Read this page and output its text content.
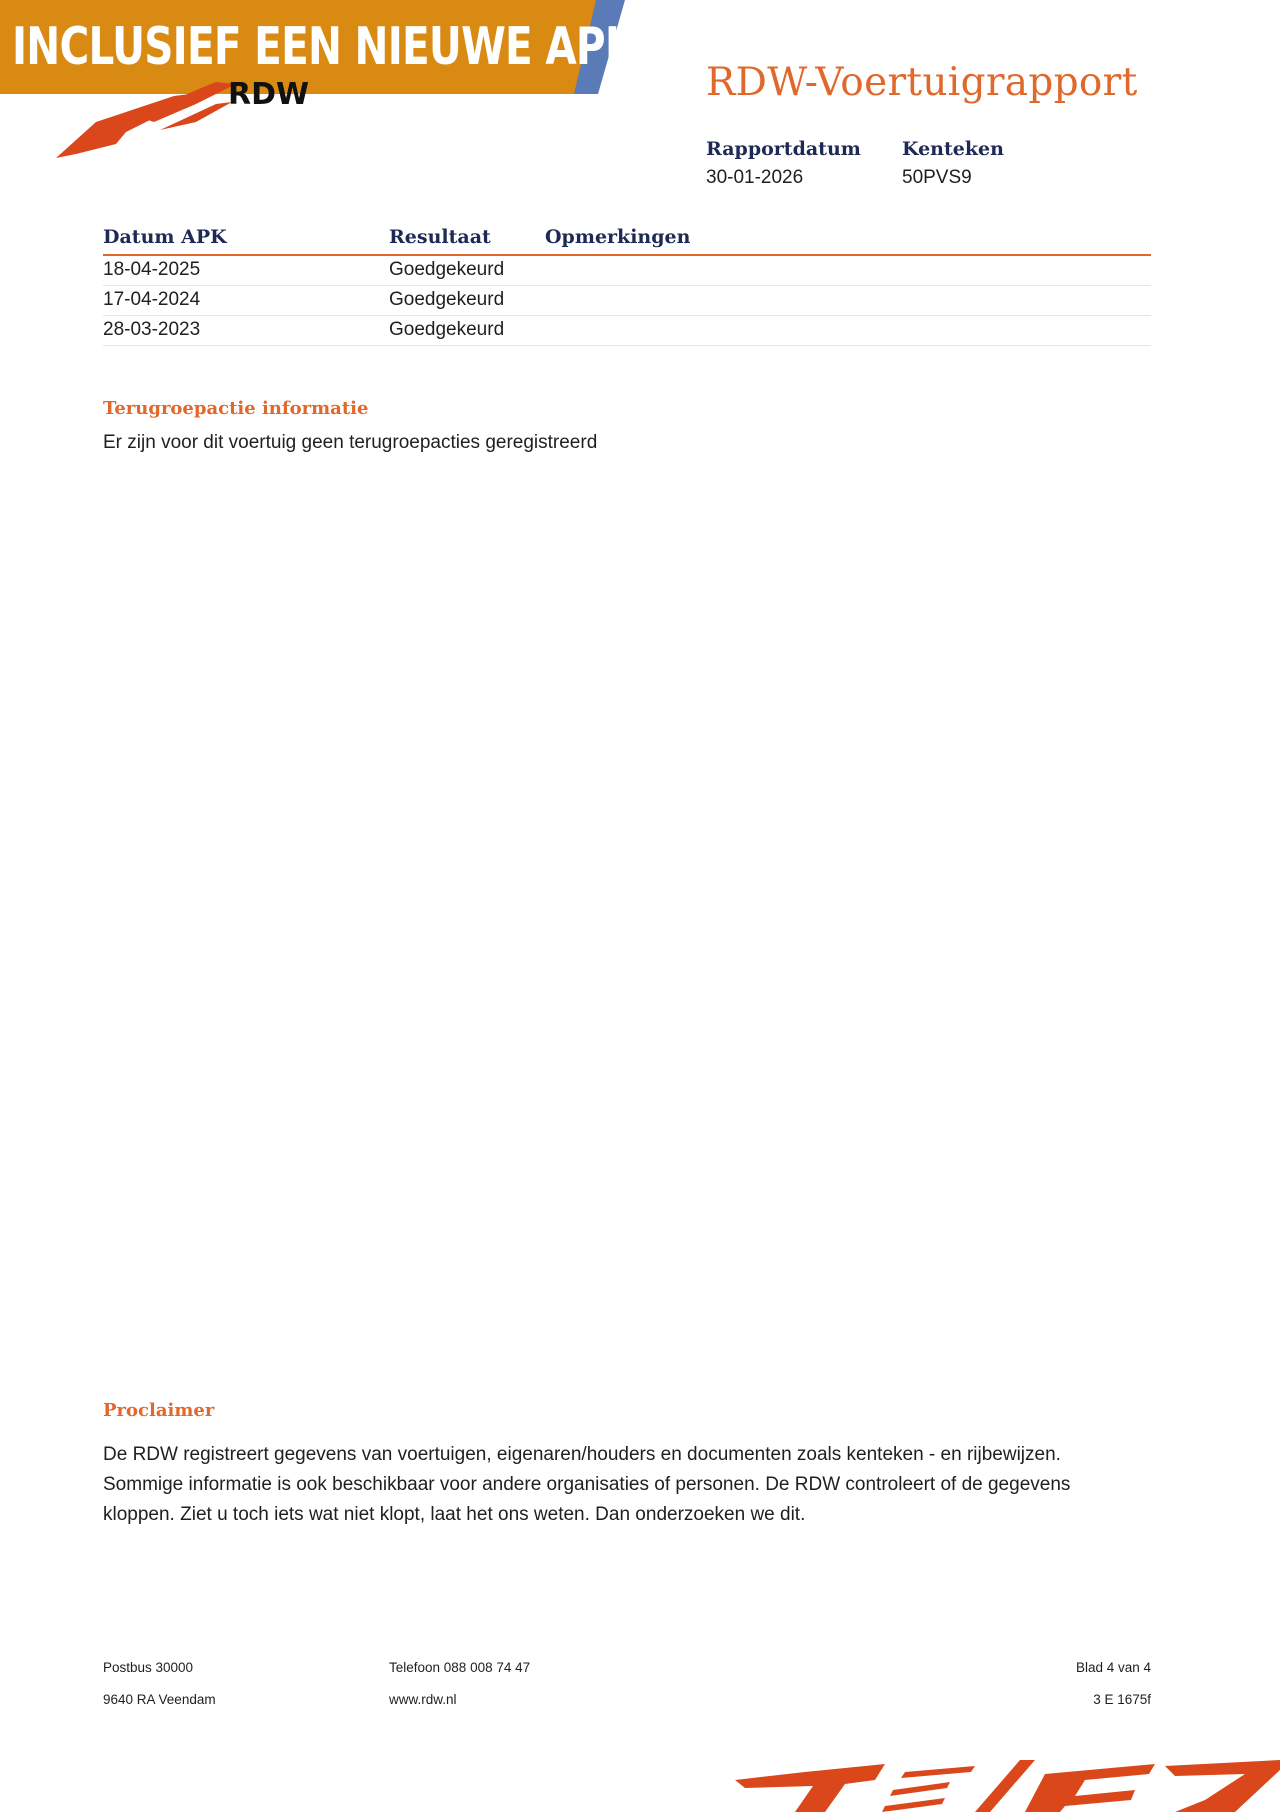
INCLUSIEF EEN NIEUWE APK
RDW	RDW-Voertuigrapport
Rapportdatum
30-01-2026
Kenteken
50PVS9
Datum APK	Resultaat	Opmerkingen
18-04-2025	Goedgekeurd
17-04-2024	Goedgekeurd
28-03-2023	Goedgekeurd
Terugroepactie informatie
Er zijn voor dit voertuig geen terugroepacties geregistreerd
Proclaimer
De RDW registreert gegevens van voertuigen, eigenaren/houders en documenten zoals kenteken - en rijbewijzen.
Sommige informatie is ook beschikbaar voor andere organisaties of personen. De RDW controleert of de gegevens
kloppen. Ziet u toch iets wat niet klopt, laat het ons weten. Dan onderzoeken we dit.
Postbus 30000
9640 RA Veendam
Telefoon 088 008 74 47
www.rdw.nl
Blad 4 van 4
3 E 1675f
